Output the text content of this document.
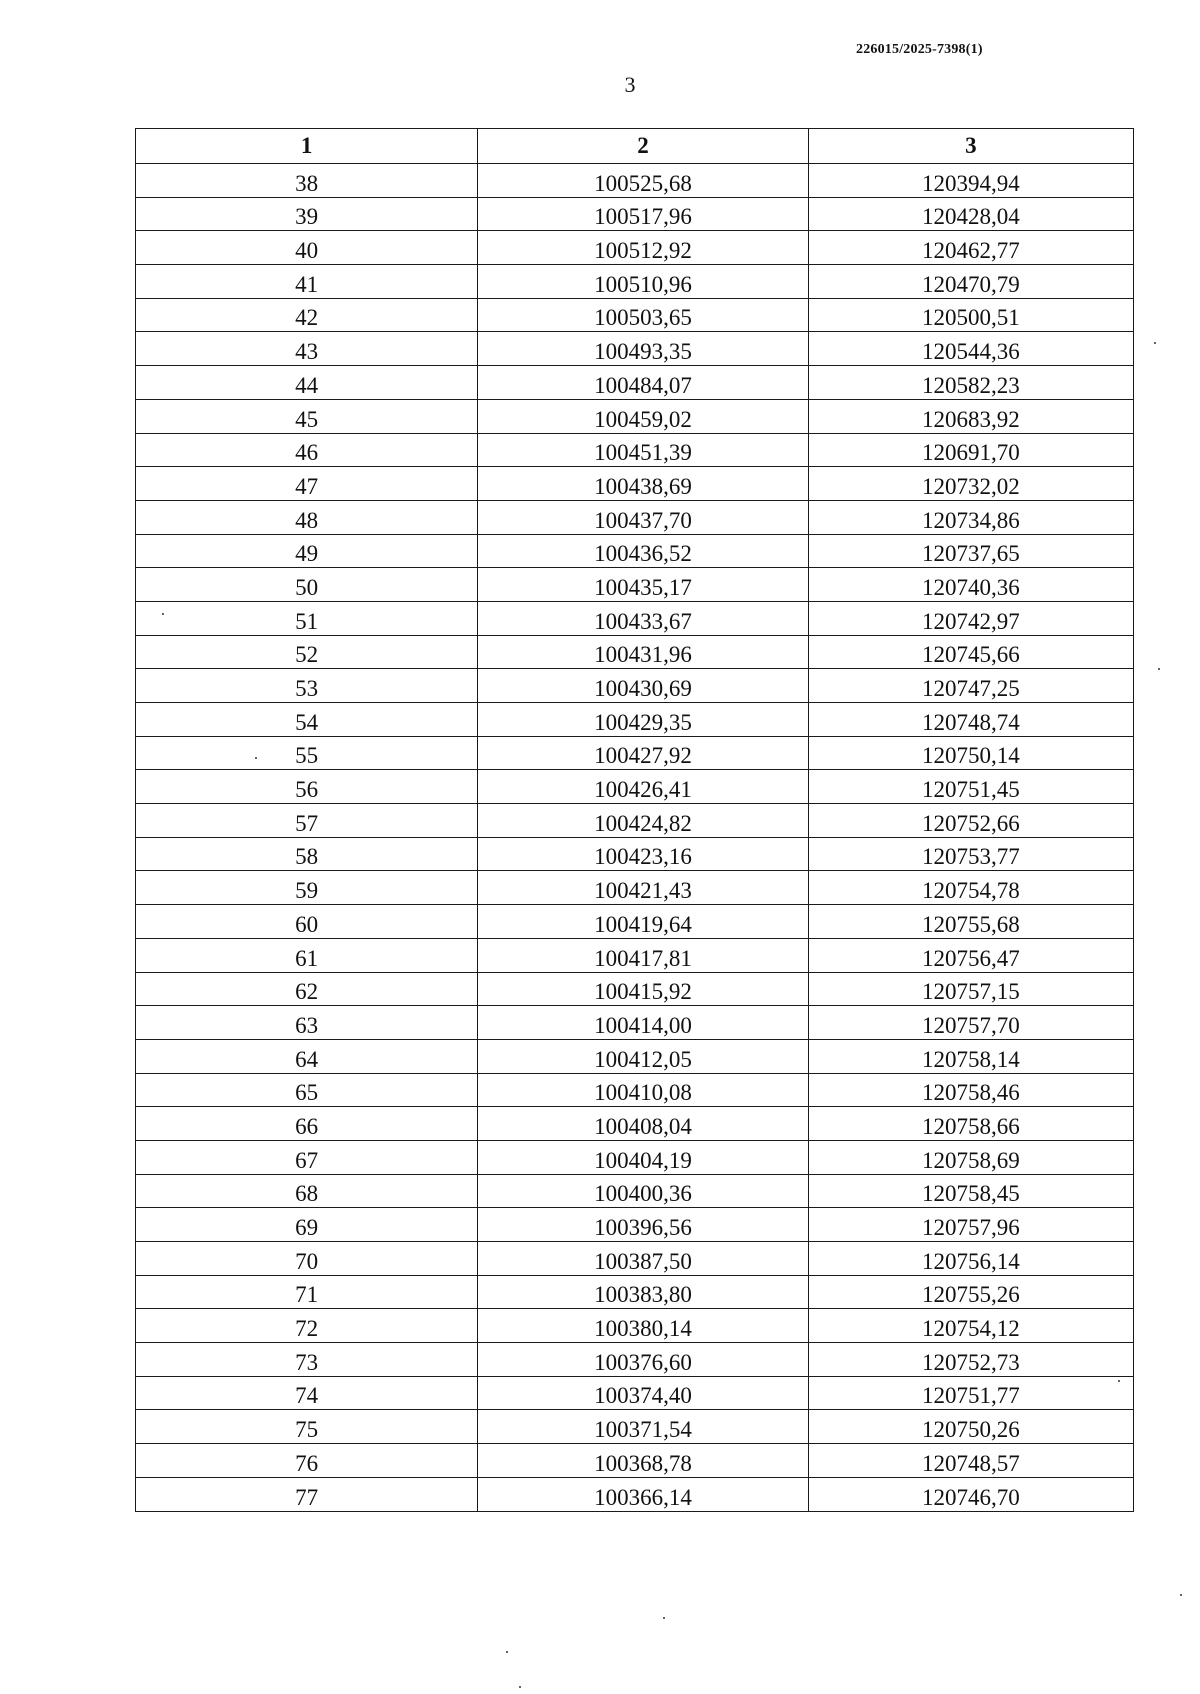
226015/2025-7398(1)
3
1	2	3
38	100525,68	120394,94
39	100517,96	120428,04
40	100512,92	120462,77
41	100510,96	120470,79
42	100503,65	120500,51
43	100493,35	120544,36
44	100484,07	120582,23
45	100459,02	120683,92
46	100451,39	120691,70
47	100438,69	120732,02
48	100437,70	120734,86
49	100436,52	120737,65
50	100435,17	120740,36
51	100433,67	120742,97
52	100431,96	120745,66
53	100430,69	120747,25
54	100429,35	120748,74
55	100427,92	120750,14
56	100426,41	120751,45
57	100424,82	120752,66
58	100423,16	120753,77
59	100421,43	120754,78
60	100419,64	120755,68
61	100417,81	120756,47
62	100415,92	120757,15
63	100414,00	120757,70
64	100412,05	120758,14
65	100410,08	120758,46
66	100408,04	120758,66
67	100404,19	120758,69
68	100400,36	120758,45
69	100396,56	120757,96
70	100387,50	120756,14
71	100383,80	120755,26
72	100380,14	120754,12
73	100376,60	120752,73
74	100374,40	120751,77
75	100371,54	120750,26
76	100368,78	120748,57
77	100366,14	120746,70
